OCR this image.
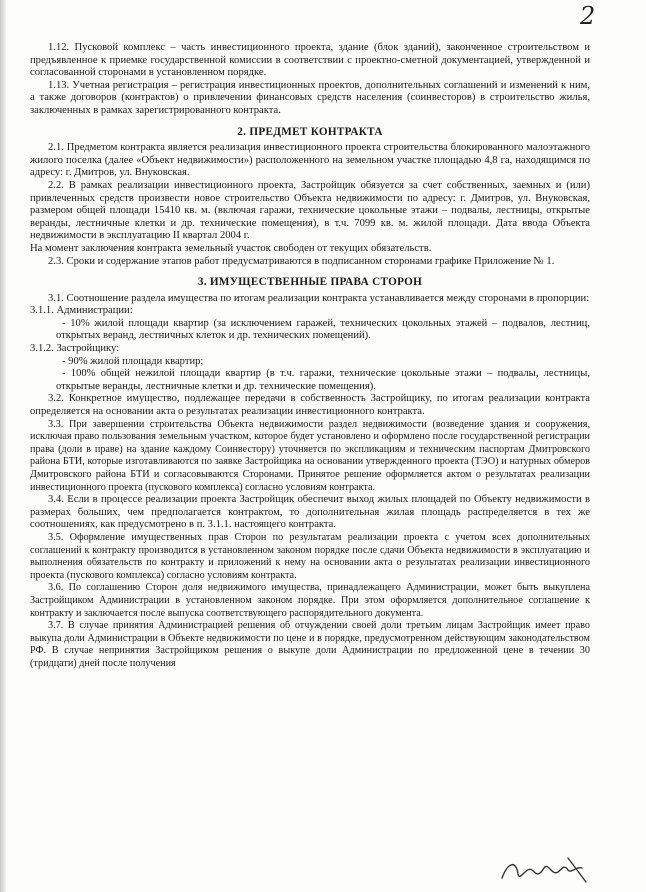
2

1.12. Пусковой комплекс – часть инвестиционного проекта, здание (блок зданий), законченное строительством и предъявленное к приемке государственной комиссии в соответствии с проектно-сметной документацией, утвержденной и согласованной сторонами в установленном порядке.

1.13. Учетная регистрация – регистрация инвестиционных проектов, дополнительных соглашений и изменений к ним, а также договоров (контрактов) о привлечении финансовых средств населения (соинвесторов) в строительство жилья, заключенных в рамках зарегистрированного контракта.

2. ПРЕДМЕТ КОНТРАКТА

2.1. Предметом контракта является реализация инвестиционного проекта строительства блокированного малоэтажного жилого поселка (далее «Объект недвижимости») расположенного на земельном участке площадью 4,8 га, находящимся по адресу: г. Дмитров, ул. Внуковская.

2.2. В рамках реализации инвестиционного проекта, Застройщик обязуется за счет собственных, заемных и (или) привлеченных средств произвести новое строительство Объекта недвижимости по адресу: г. Дмитров, ул. Внуковская, размером общей площади 15410 кв. м. (включая гаражи, технические цокольные этажи – подвалы, лестницы, открытые веранды, лестничные клетки и др. технические помещения), в т.ч. 7099 кв. м. жилой площади. Дата ввода Объекта недвижимости в эксплуатацию II квартал 2004 г.

На момент заключения контракта земельный участок свободен от текущих обязательств.

2.3. Сроки и содержание этапов работ предусматриваются в подписанном сторонами графике Приложение № 1.

3. ИМУЩЕСТВЕННЫЕ ПРАВА СТОРОН

3.1. Соотношение раздела имущества по итогам реализации контракта устанавливается между сторонами в пропорции:

3.1.1. Администрации:

- 10% жилой площади квартир (за исключением гаражей, технических цокольных этажей – подвалов, лестниц, открытых веранд, лестничных клеток и др. технических помещений).

3.1.2. Застройщику:

- 90% жилой площади квартир;

- 100% общей нежилой площади квартир (в т.ч. гаражи, технические цокольные этажи – подвалы, лестницы, открытые веранды, лестничные клетки и др. технические помещения).

3.2. Конкретное имущество, подлежащее передачи в собственность Застройщику, по итогам реализации контракта определяется на основании акта о результатах реализации инвестиционного контракта.

3.3. При завершении строительства Объекта недвижимости раздел недвижимости (возведение здания и сооружения, исключая право пользования земельным участком, которое будет установлено и оформлено после государственной регистрации права (доли в праве) на здание каждому Соинвестору) уточняется по экспликациям и техническим паспортам Дмитровского района БТИ, которые изготавливаются по заявке Застройщика на основании утвержденного проекта (ТЭО) и натурных обмеров Дмитровского района БТИ и согласовываются Сторонами. Принятое решение оформляется актом о результатах реализации инвестиционного проекта (пускового комплекса) согласно условиям контракта.

3.4. Если в процессе реализации проекта Застройщик обеспечит выход жилых площадей по Объекту недвижимости в размерах больших, чем предполагается контрактом, то дополнительная жилая площадь распределяется в тех же соотношениях, как предусмотрено в п. 3.1.1. настоящего контракта.

3.5. Оформление имущественных прав Сторон по результатам реализации проекта с учетом всех дополнительных соглашений к контракту производится в установленном законом порядке после сдачи Объекта недвижимости в эксплуатацию и выполнения обязательств по контракту и приложений к нему на основании акта о результатах реализации инвестиционного проекта (пускового комплекса) согласно условиям контракта.

3.6. По соглашению Сторон доля недвижимого имущества, принадлежащего Администрации, может быть выкуплена Застройщиком Администрации в установленном законом порядке. При этом оформляется дополнительное соглашение к контракту и заключается после выпуска соответствующего распорядительного документа.

3.7. В случае принятия Администрацией решения об отчуждении своей доли третьим лицам Застройщик имеет право выкупа доли Администрации в Объекте недвижимости по цене и в порядке, предусмотренном действующим законодательством РФ. В случае непринятия Застройщиком решения о выкупе доли Администрации по предложенной цене в течении 30 (тридцати) дней после получения
